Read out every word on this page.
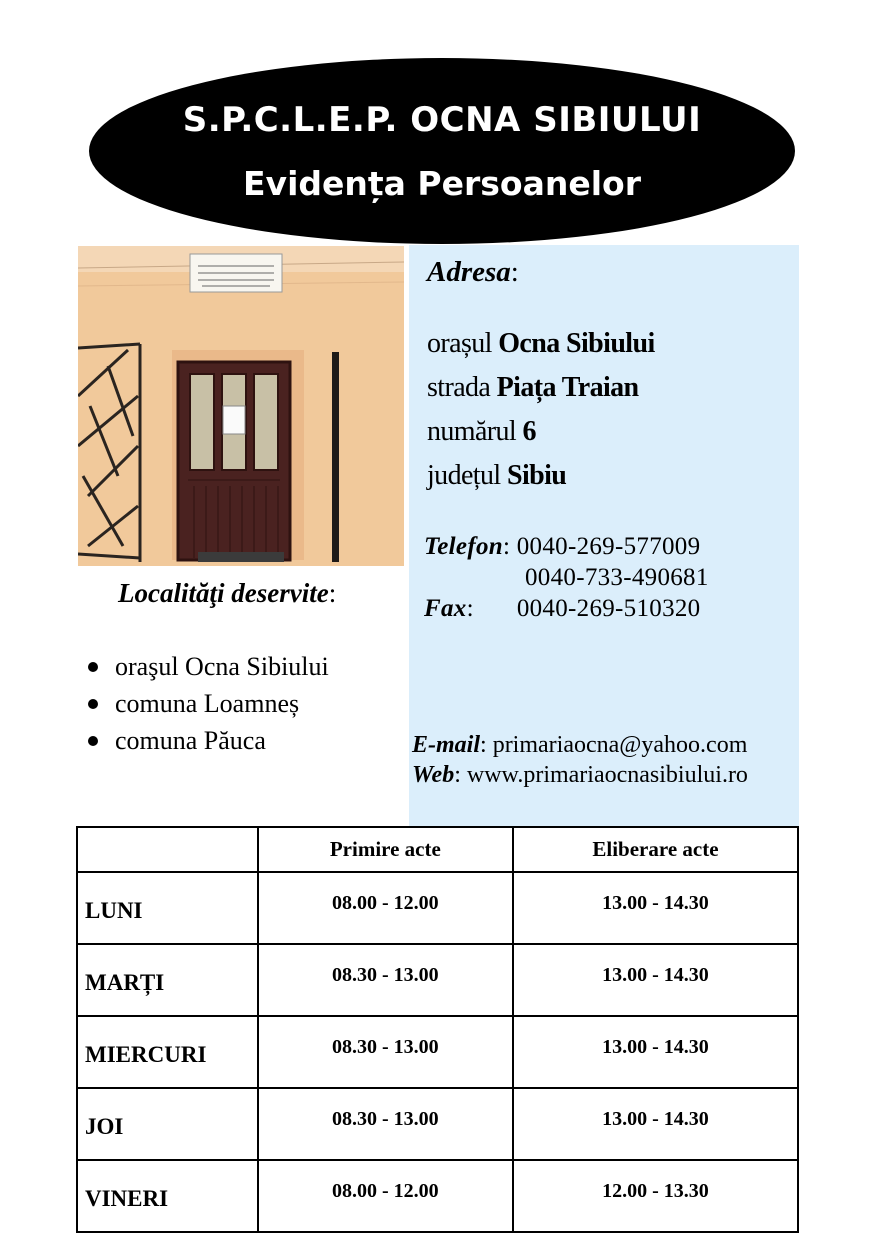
S.P.C.L.E.P. OCNA SIBIULUI
Evidența Persoanelor
Adresa:
orașul Ocna Sibiului
strada Piața Traian
numărul 6
județul Sibiu
Telefon: 0040-269-577009
0040-733-490681
Fax: 0040-269-510320
E-mail: primariaocna@yahoo.com
Web: www.primariaocnasibiului.ro
Localităţi deservite:
oraşul Ocna Sibiului
comuna Loamneș
comuna Păuca
	Primire acte	Eliberare acte
LUNI	08.00 - 12.00	13.00 - 14.30
MARȚI	08.30 - 13.00	13.00 - 14.30
MIERCURI	08.30 - 13.00	13.00 - 14.30
JOI	08.30 - 13.00	13.00 - 14.30
VINERI	08.00 - 12.00	12.00 - 13.30
